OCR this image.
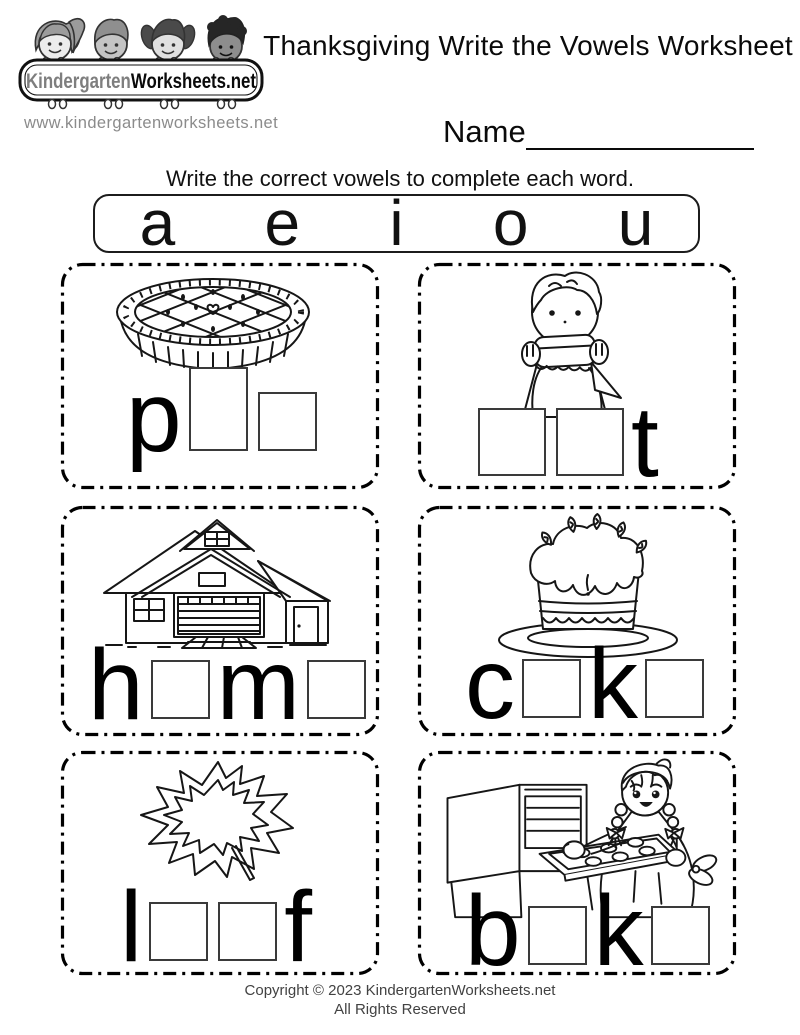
KindergartenWorksheets.net
www.kindergartenworksheets.net
Thanksgiving Write the Vowels Worksheet
Name
Write the correct vowels to complete each word.
a e i o u
p	t
h m	c k
l f b k
Copyright © 2023 KindergartenWorksheets.net
All Rights Reserved
